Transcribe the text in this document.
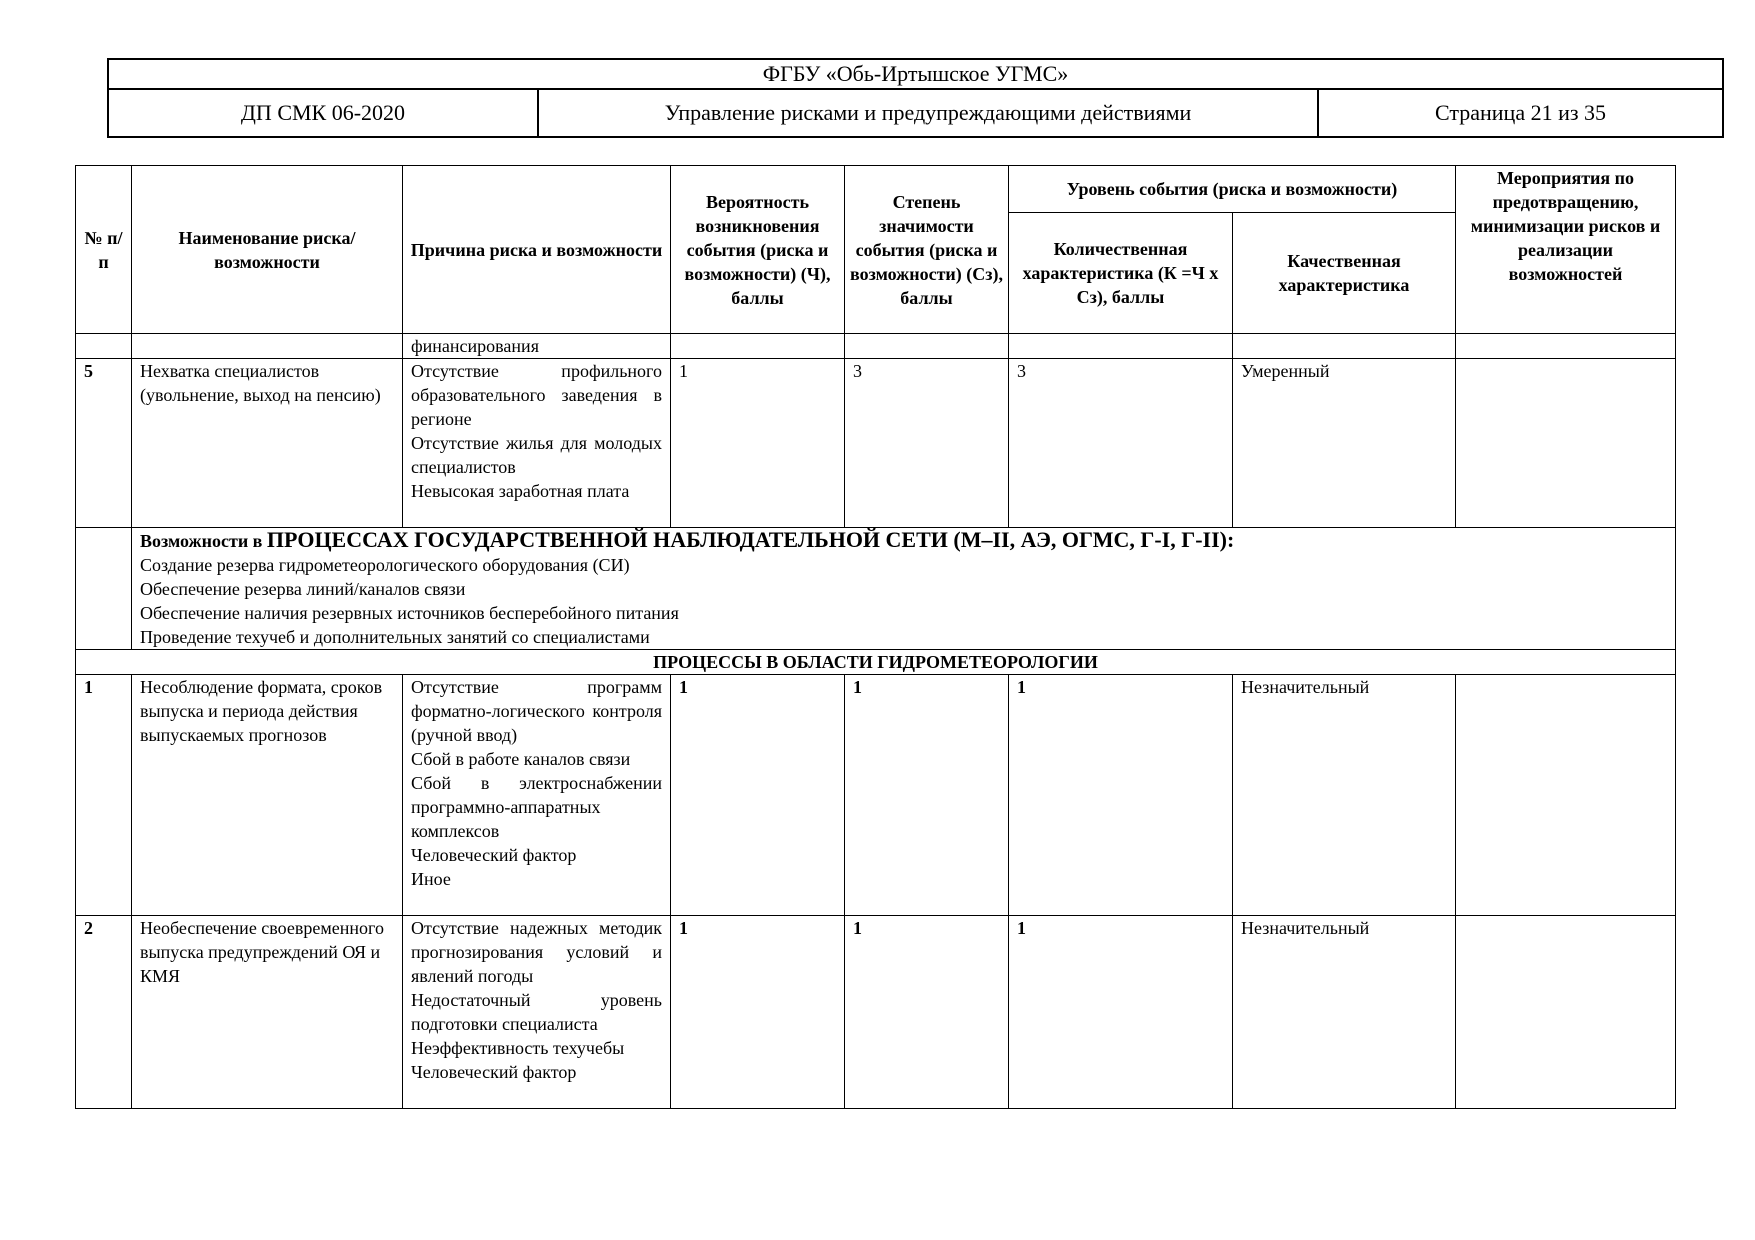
ФГБУ «Обь-Иртышское УГМС»
ДП СМК 06-2020	Управление рисками и предупреждающими действиями	Страница 21 из 35
№ п/п	Наименование риска/возможности	Причина риска и возможности	Вероятность возникновения события (риска и возможности) (Ч), баллы	Степень значимости события (риска и возможности) (Сз), баллы	Уровень события (риска и возможности)		Мероприятия по предотвращению, минимизации рисков и реализации возможностей
					Количественная характеристика (К =Ч х Сз), баллы	Качественная характеристика	
		финансирования					
5	Нехватка специалистов (увольнение, выход на пенсию)	Отсутствие профильного образовательного заведения в регионе
Отсутствие жилья для молодых специалистов
Невысокая заработная плата	1	3	3	Умеренный	

	Возможности в ПРОЦЕССАХ ГОСУДАРСТВЕННОЙ НАБЛЮДАТЕЛЬНОЙ СЕТИ (М–II, АЭ, ОГМС, Г-I, Г-II):
Создание резерва гидрометеорологического оборудования (СИ)
Обеспечение резерва линий/каналов связи
Обеспечение наличия резервных источников бесперебойного питания
Проведение техучеб и дополнительных занятий со специалистами						

ПРОЦЕССЫ В ОБЛАСТИ ГИДРОМЕТЕОРОЛОГИИ							
1	Несоблюдение формата, сроков выпуска и периода действия выпускаемых прогнозов	Отсутствие программ форматно-логического контроля (ручной ввод)
Сбой в работе каналов связи
Сбой в электроснабжении программно-аппаратных комплексов
Человеческий фактор
Иное	1	1	1	Незначительный	
2	Необеспечение своевременного выпуска предупреждений ОЯ и КМЯ	Отсутствие надежных методик прогнозирования условий и явлений погоды
Недостаточный уровень подготовки специалиста
Неэффективность техучебы
Человеческий фактор	1	1	1	Незначительный	
